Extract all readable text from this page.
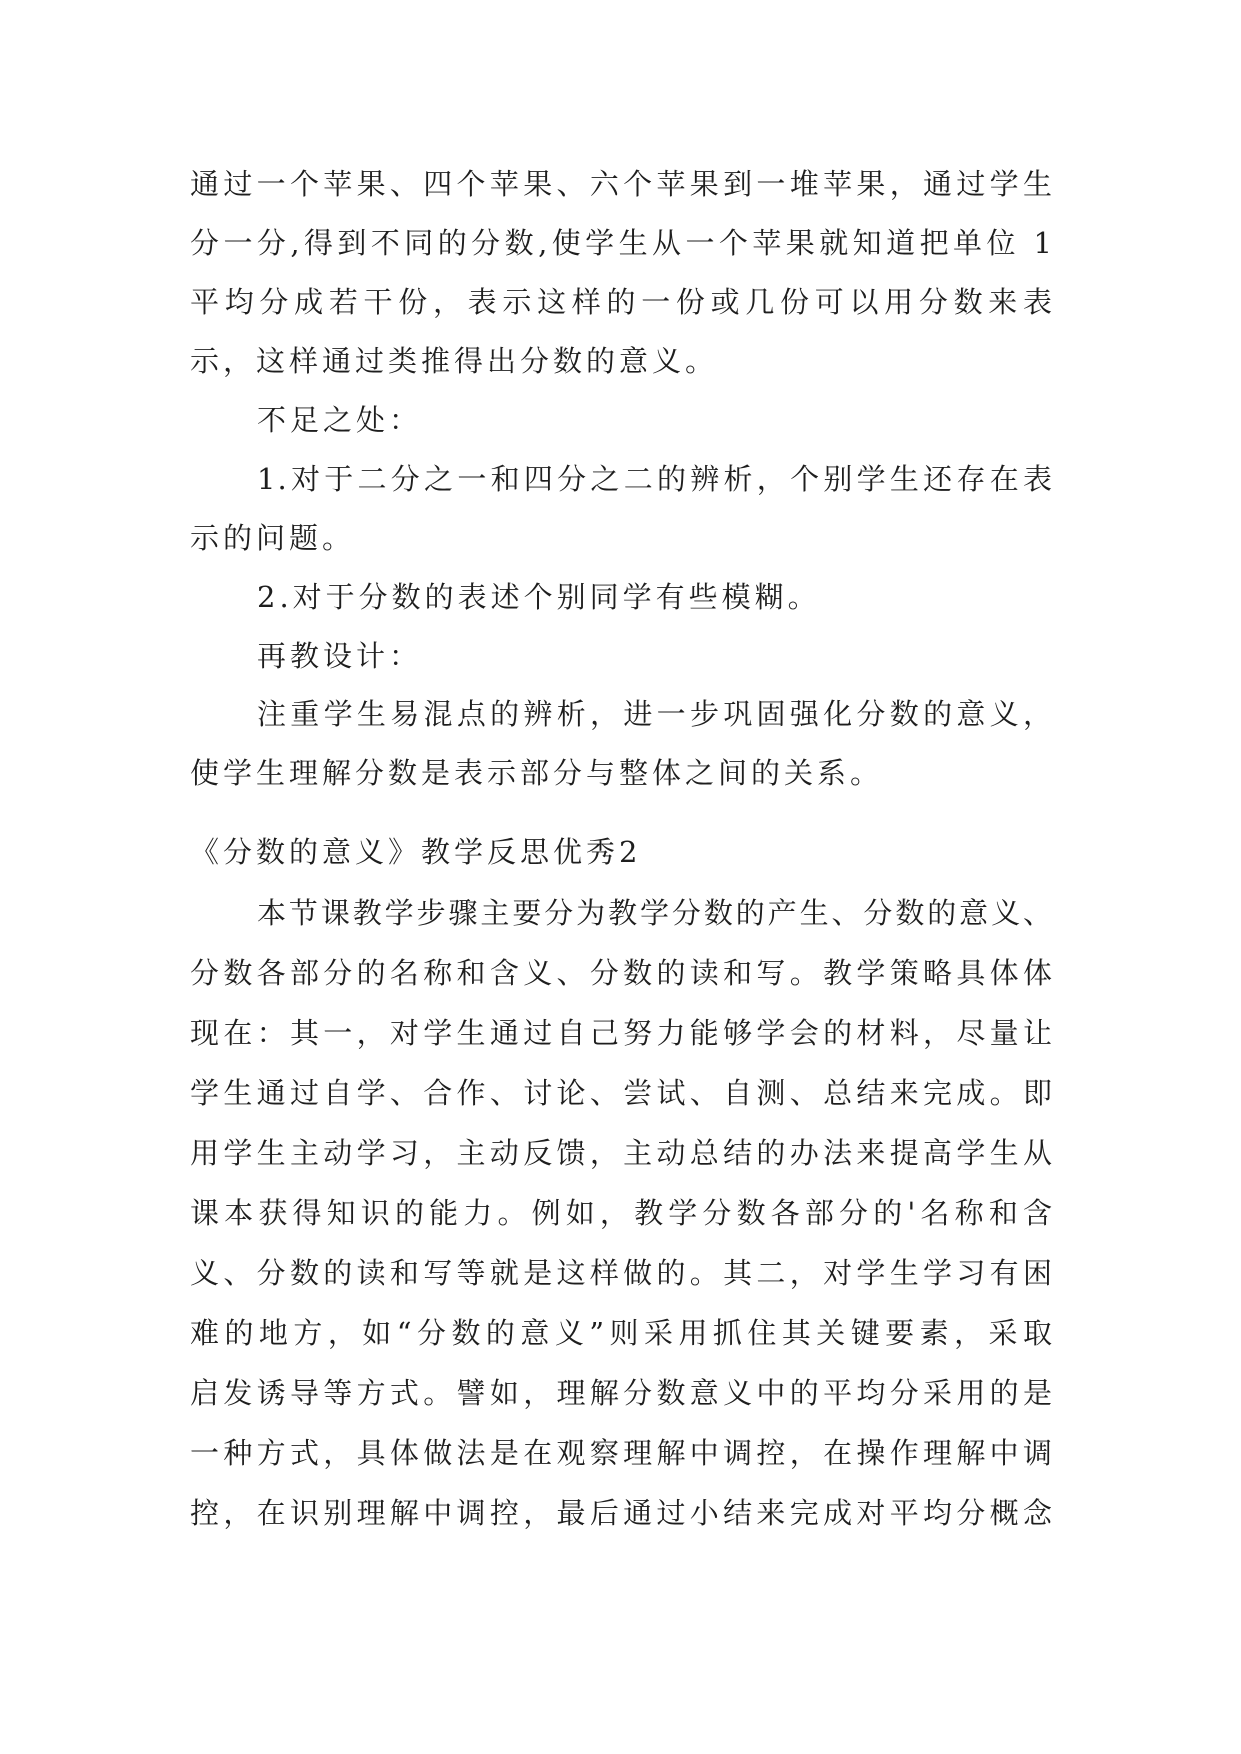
通过一个苹果、四个苹果、六个苹果到一堆苹果，通过学生
分一分,得到不同的分数,使学生从一个苹果就知道把单位 1
平均分成若干份，表示这样的一份或几份可以用分数来表
示，这样通过类推得出分数的意义。
不足之处：
1.对于二分之一和四分之二的辨析，个别学生还存在表
示的问题。
2.对于分数的表述个别同学有些模糊。
再教设计：
注重学生易混点的辨析，进一步巩固强化分数的意义，
使学生理解分数是表示部分与整体之间的关系。
《分数的意义》教学反思优秀2
本节课教学步骤主要分为教学分数的产生、分数的意义、
分数各部分的名称和含义、分数的读和写。教学策略具体体
现在：其一，对学生通过自己努力能够学会的材料，尽量让
学生通过自学、合作、讨论、尝试、自测、总结来完成。即
用学生主动学习，主动反馈，主动总结的办法来提高学生从
课本获得知识的能力。例如，教学分数各部分的'名称和含
义、分数的读和写等就是这样做的。其二，对学生学习有困
难的地方，如“分数的意义”则采用抓住其关键要素，采取
启发诱导等方式。譬如，理解分数意义中的平均分采用的是
一种方式，具体做法是在观察理解中调控，在操作理解中调
控，在识别理解中调控，最后通过小结来完成对平均分概念
